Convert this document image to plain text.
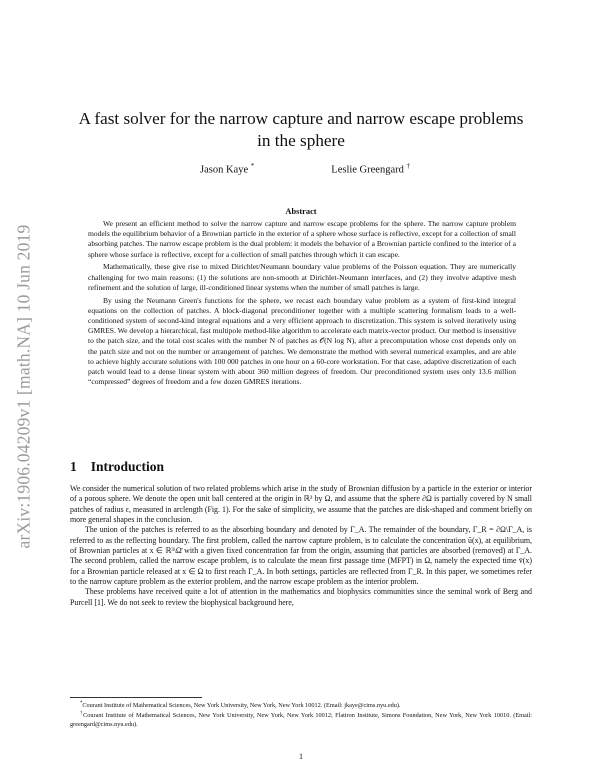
arXiv:1906.04209v1 [math.NA] 10 Jun 2019
A fast solver for the narrow capture and narrow escape problems in the sphere
Jason Kaye *	Leslie Greengard †
Abstract

We present an efficient method to solve the narrow capture and narrow escape problems for the sphere. The narrow capture problem models the equilibrium behavior of a Brownian particle in the exterior of a sphere whose surface is reflective, except for a collection of small absorbing patches. The narrow escape problem is the dual problem: it models the behavior of a Brownian particle confined to the interior of a sphere whose surface is reflective, except for a collection of small patches through which it can escape.

Mathematically, these give rise to mixed Dirichlet/Neumann boundary value problems of the Poisson equation. They are numerically challenging for two main reasons: (1) the solutions are non-smooth at Dirichlet-Neumann interfaces, and (2) they involve adaptive mesh refinement and the solution of large, ill-conditioned linear systems when the number of small patches is large.

By using the Neumann Green's functions for the sphere, we recast each boundary value problem as a system of first-kind integral equations on the collection of patches. A block-diagonal preconditioner together with a multiple scattering formalism leads to a well-conditioned system of second-kind integral equations and a very efficient approach to discretization. This system is solved iteratively using GMRES. We develop a hierarchical, fast multipole method-like algorithm to accelerate each matrix-vector product. Our method is insensitive to the patch size, and the total cost scales with the number N of patches as 𝒪(N log N), after a precomputation whose cost depends only on the patch size and not on the number or arrangement of patches. We demonstrate the method with several numerical examples, and are able to achieve highly accurate solutions with 100 000 patches in one hour on a 60-core workstation. For that case, adaptive discretization of each patch would lead to a dense linear system with about 360 million degrees of freedom. Our preconditioned system uses only 13.6 million “compressed” degrees of freedom and a few dozen GMRES iterations.

1 Introduction

We consider the numerical solution of two related problems which arise in the study of Brownian diffusion by a particle in the exterior or interior of a porous sphere. We denote the open unit ball centered at the origin in ℝ³ by Ω, and assume that the sphere ∂Ω is partially covered by N small patches of radius ε, measured in arclength (Fig. 1). For the sake of simplicity, we assume that the patches are disk-shaped and comment briefly on more general shapes in the conclusion.

The union of the patches is referred to as the absorbing boundary and denoted by Γ_A. The remainder of the boundary, Γ_R = ∂Ω\Γ_A, is referred to as the reflecting boundary. The first problem, called the narrow capture problem, is to calculate the concentration ū(x), at equilibrium, of Brownian particles at x ∈ ℝ³\Ω̄ with a given fixed concentration far from the origin, assuming that particles are absorbed (removed) at Γ_A. The second problem, called the narrow escape problem, is to calculate the mean first passage time (MFPT) in Ω, namely the expected time v̄(x) for a Brownian particle released at x ∈ Ω to first reach Γ_A. In both settings, particles are reflected from Γ_R. In this paper, we sometimes refer to the narrow capture problem as the exterior problem, and the narrow escape problem as the interior problem.

These problems have received quite a lot of attention in the mathematics and biophysics communities since the seminal work of Berg and Purcell [1]. We do not seek to review the biophysical background here,

*Courant Institute of Mathematical Sciences, New York University, New York, New York 10012. (Email: jkaye@cims.nyu.edu).

†Courant Institute of Mathematical Sciences, New York University, New York, New York 10012; Flatiron Institute, Simons Foundation, New York, New York 10010. (Email: greengard@cims.nyu.edu).

1
